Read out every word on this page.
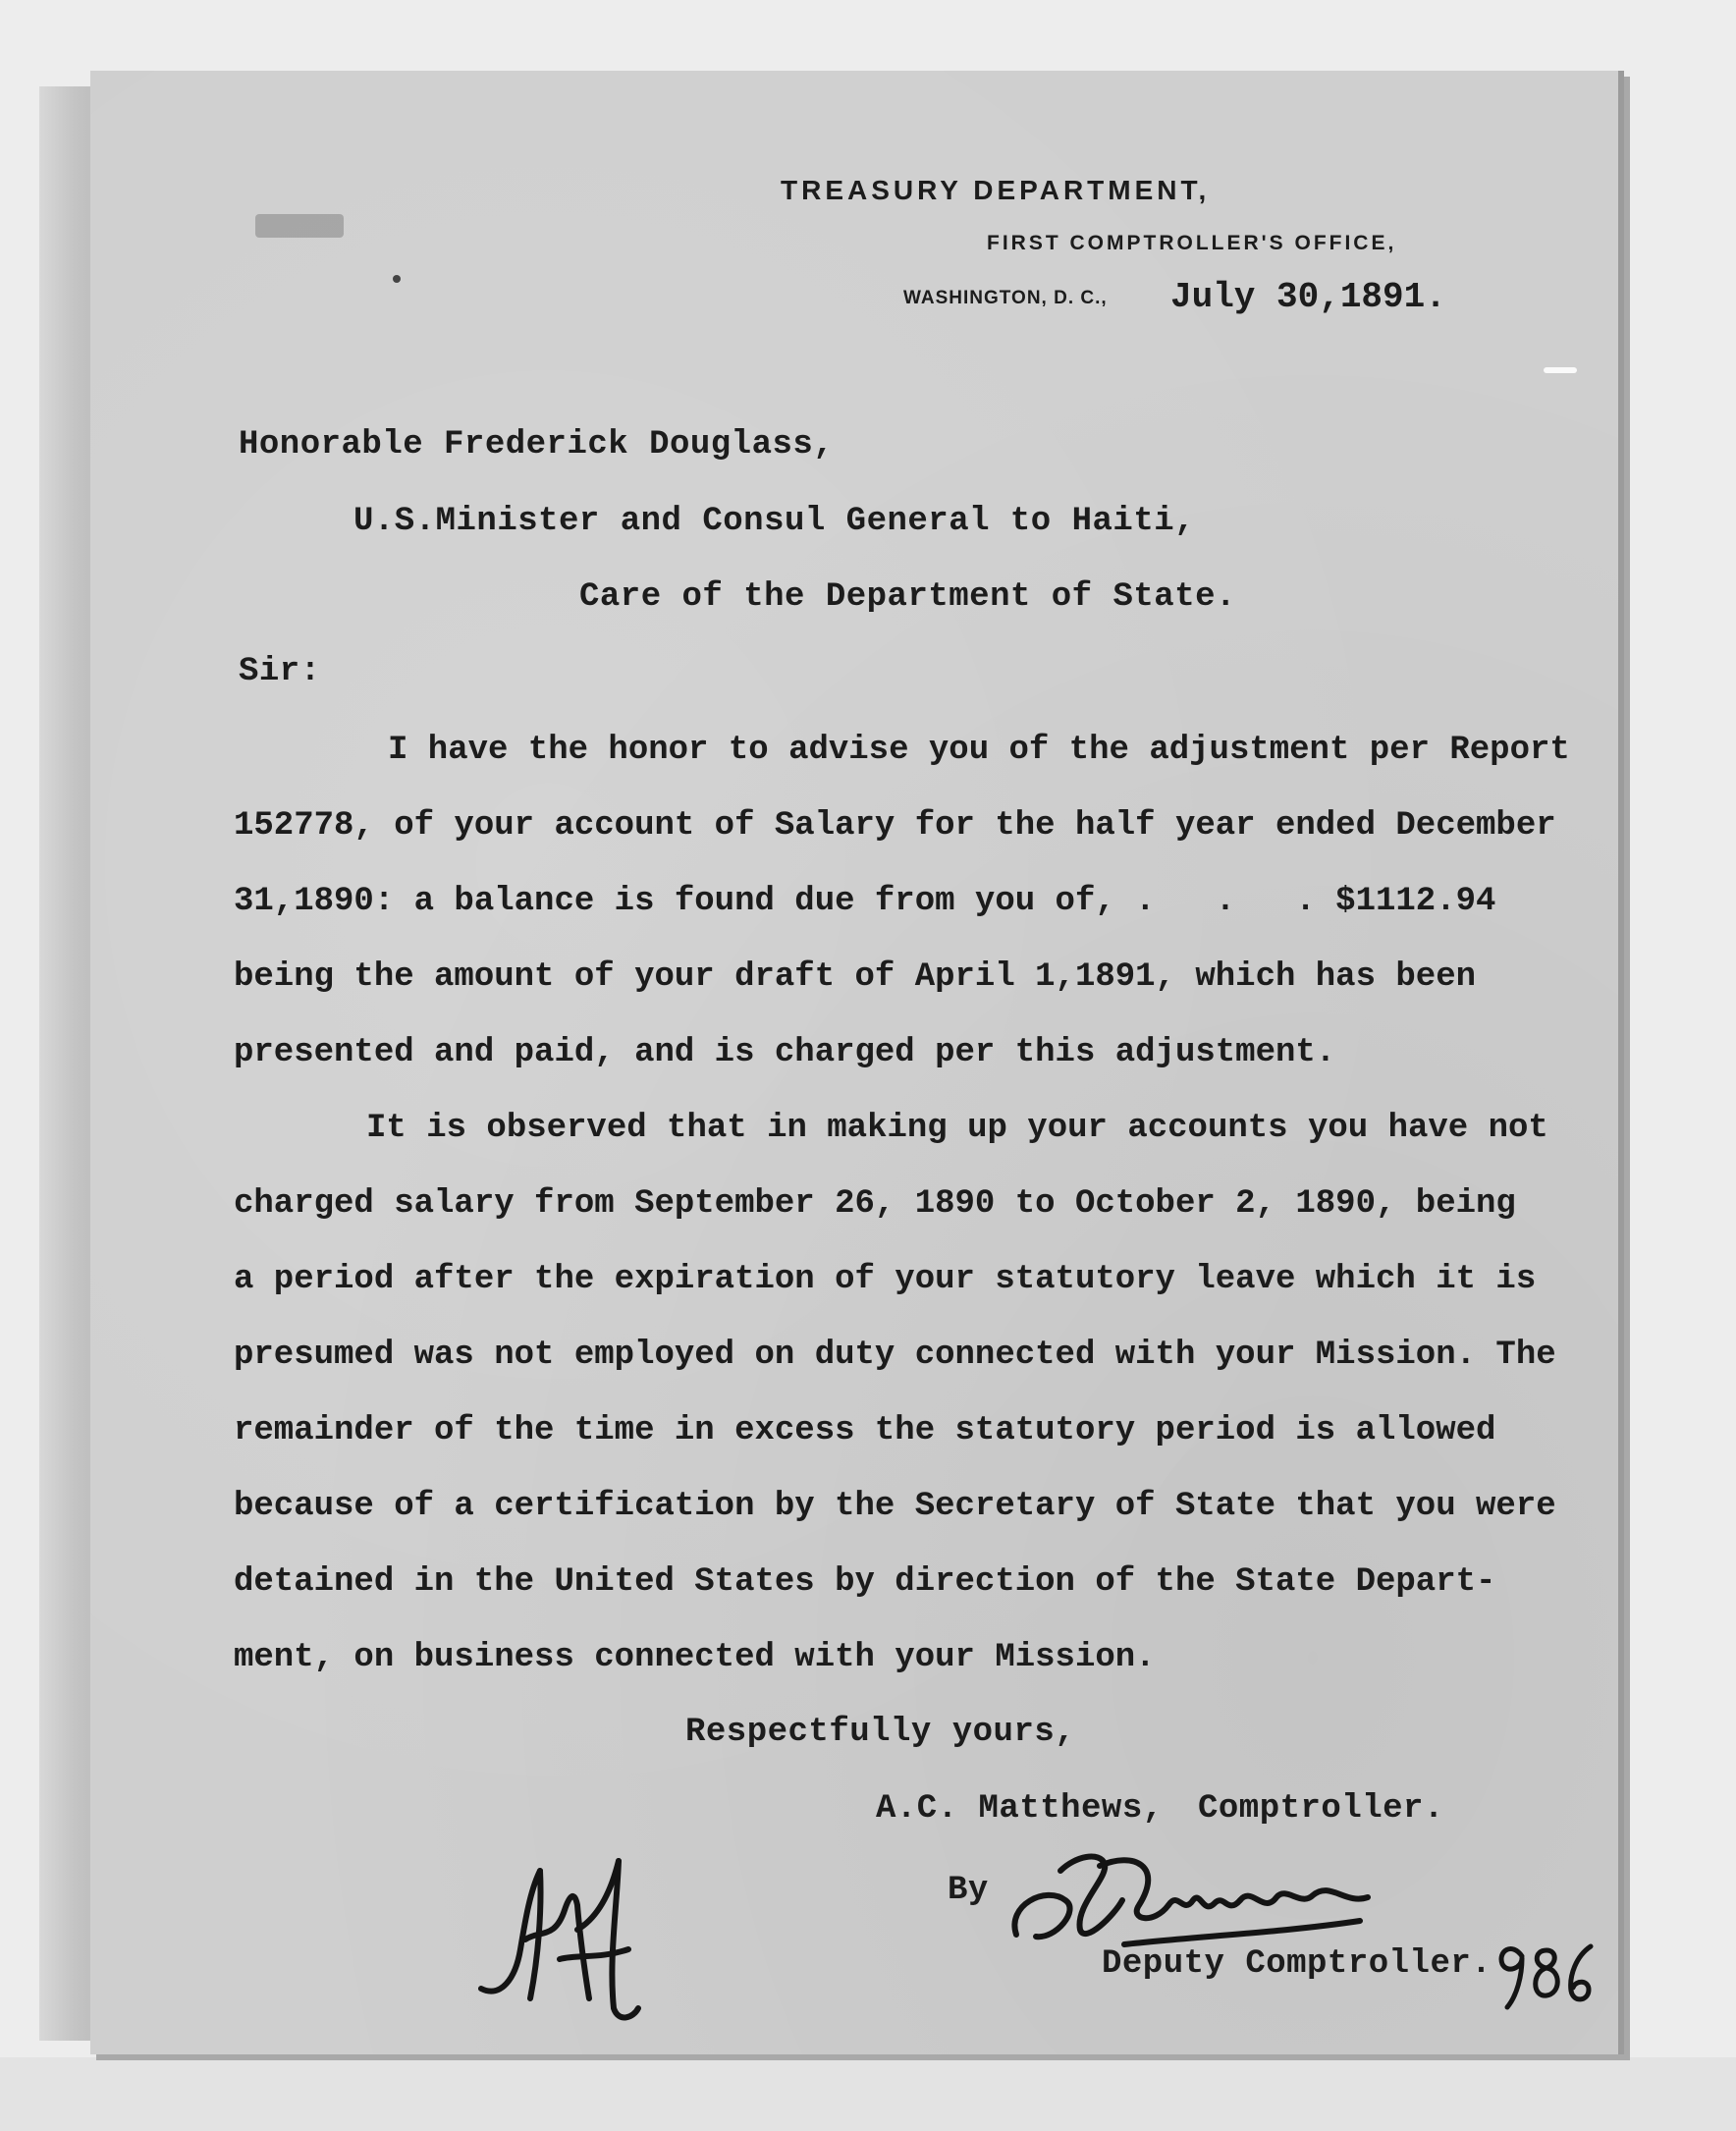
TREASURY DEPARTMENT,
FIRST COMPTROLLER'S OFFICE,
WASHINGTON, D. C., July 30,1891.
Honorable Frederick Douglass,
U.S.Minister and Consul General to Haiti,
Care of the Department of State.
Sir:
I have the honor to advise you of the adjustment per Report
152778, of your account of Salary for the half year ended December
31,1890: a balance is found due from you of, .   .   . $1112.94
being the amount of your draft of April 1,1891, which has been
presented and paid, and is charged per this adjustment.
It is observed that in making up your accounts you have not
charged salary from September 26, 1890 to October 2, 1890, being
a period after the expiration of your statutory leave which it is
presumed was not employed on duty connected with your Mission. The
remainder of the time in excess the statutory period is allowed
because of a certification by the Secretary of State that you were
detained in the United States by direction of the State Depart-
ment, on business connected with your Mission.
Respectfully yours,
A.C. Matthews, Comptroller.
By
Deputy Comptroller.
